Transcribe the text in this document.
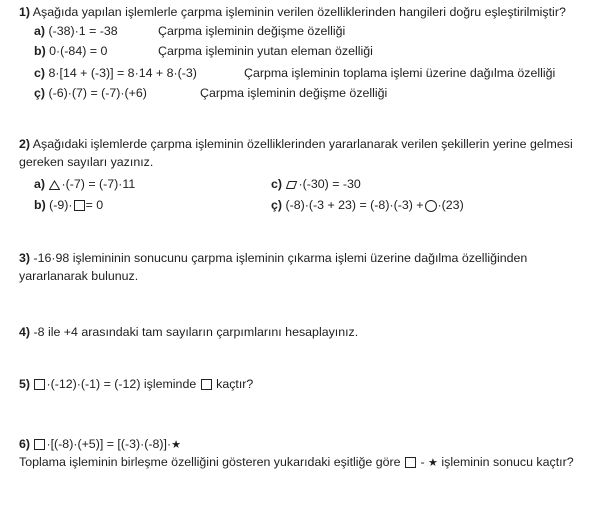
1) Aşağıda yapılan işlemlerle çarpma işleminin verilen özelliklerinden hangileri doğru eşleştirilmiştir?
a) (-38)·1 = -38	Çarpma işleminin değişme özelliği
b) 0·(-84) = 0	Çarpma işleminin yutan eleman özelliği
c) 8·[14 + (-3)] = 8·14 + 8·(-3)	Çarpma işleminin toplama işlemi üzerine dağılma özelliği
ç) (-6)·(7) = (-7)·(+6)	Çarpma işleminin değişme özelliği
2) Aşağıdaki işlemlerde çarpma işleminin özelliklerinden yararlanarak verilen şekillerin yerine gelmesi
gereken sayıları yazınız.
a) ·(-7) = (-7)·11
b) (-9)· = 0
c) ·(-30) = -30
ç) (-8)·(-3 + 23) = (-8)·(-3) + ·(23)
3) -16·98 işlemininin sonucunu çarpma işleminin çıkarma işlemi üzerine dağılma özelliğinden
yararlanarak bulunuz.
4) -8 ile +4 arasındaki tam sayıların çarpımlarını hesaplayınız.
5) ·(-12)·(-1) = (-12) işleminde kaçtır?
6) ·[(-8)·(+5)] = [(-3)·(-8)]·★
Toplama işleminin birleşme özelliğini gösteren yukarıdaki eşitliğe göre - ★ işleminin sonucu kaçtır?
